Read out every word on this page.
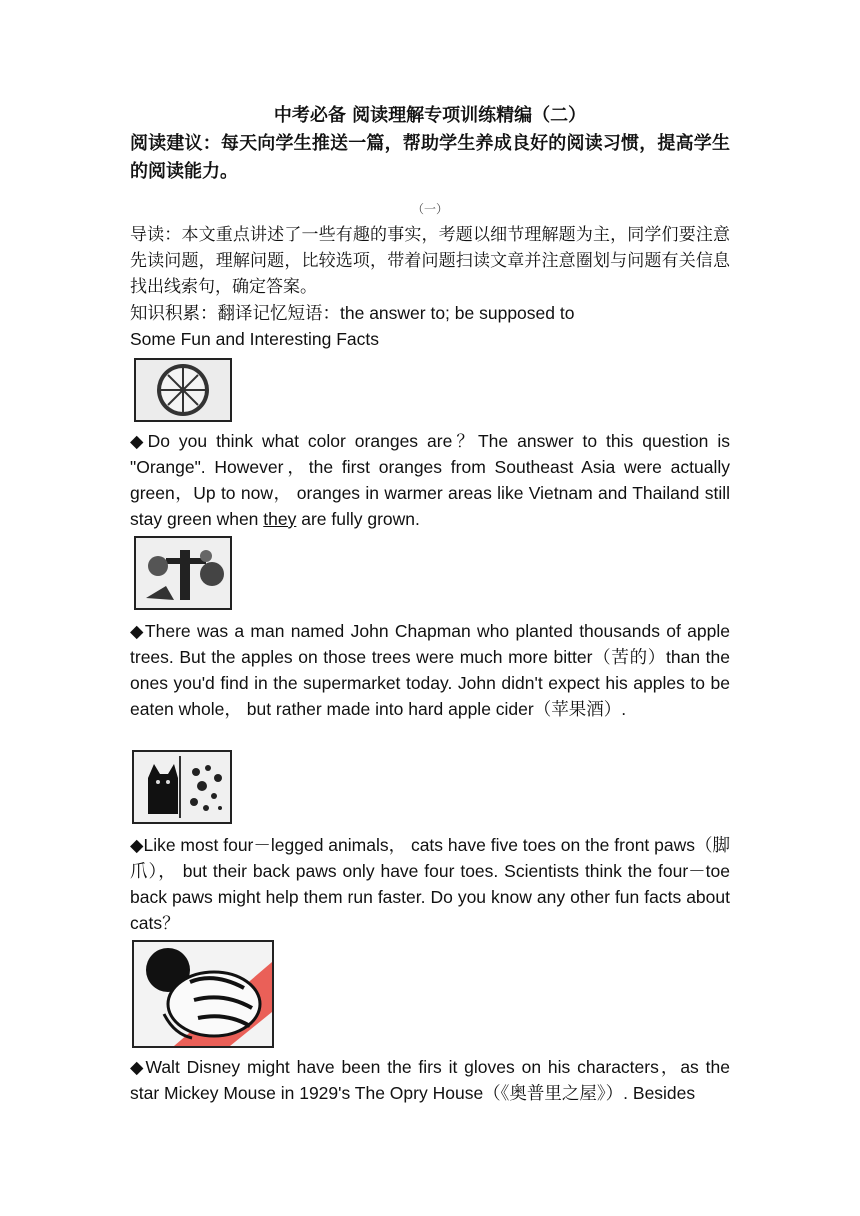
中考必备 阅读理解专项训练精编（二）
阅读建议：每天向学生推送一篇，帮助学生养成良好的阅读习惯，提高学生的阅读能力。
（一）
导读：本文重点讲述了一些有趣的事实，考题以细节理解题为主，同学们要注意先读问题，理解问题，比较选项，带着问题扫读文章并注意圈划与问题有关信息找出线索句，确定答案。
知识积累：翻译记忆短语：the answer to; be supposed to
Some Fun and Interesting Facts
◆Do you think what color oranges are？The answer to this question is "Orange". However，the first oranges from Southeast Asia were actually green，Up to now， oranges in warmer areas like Vietnam and Thailand still stay green when they are fully grown.
◆There was a man named John Chapman who planted thousands of apple trees. But the apples on those trees were much more bitter（苦的）than the ones you'd find in the supermarket today. John didn't expect his apples to be eaten whole， but rather made into hard apple cider（苹果酒）.
◆Like most four－legged animals， cats have five toes on the front paws（脚爪）， but their back paws only have four toes. Scientists think the four－toe back paws might help them run faster. Do you know any other fun facts about cats？
◆Walt Disney might have been the firs it gloves on his characters，as the star Mickey Mouse in 1929's The Opry House（《奥普里之屋》）. Besides
